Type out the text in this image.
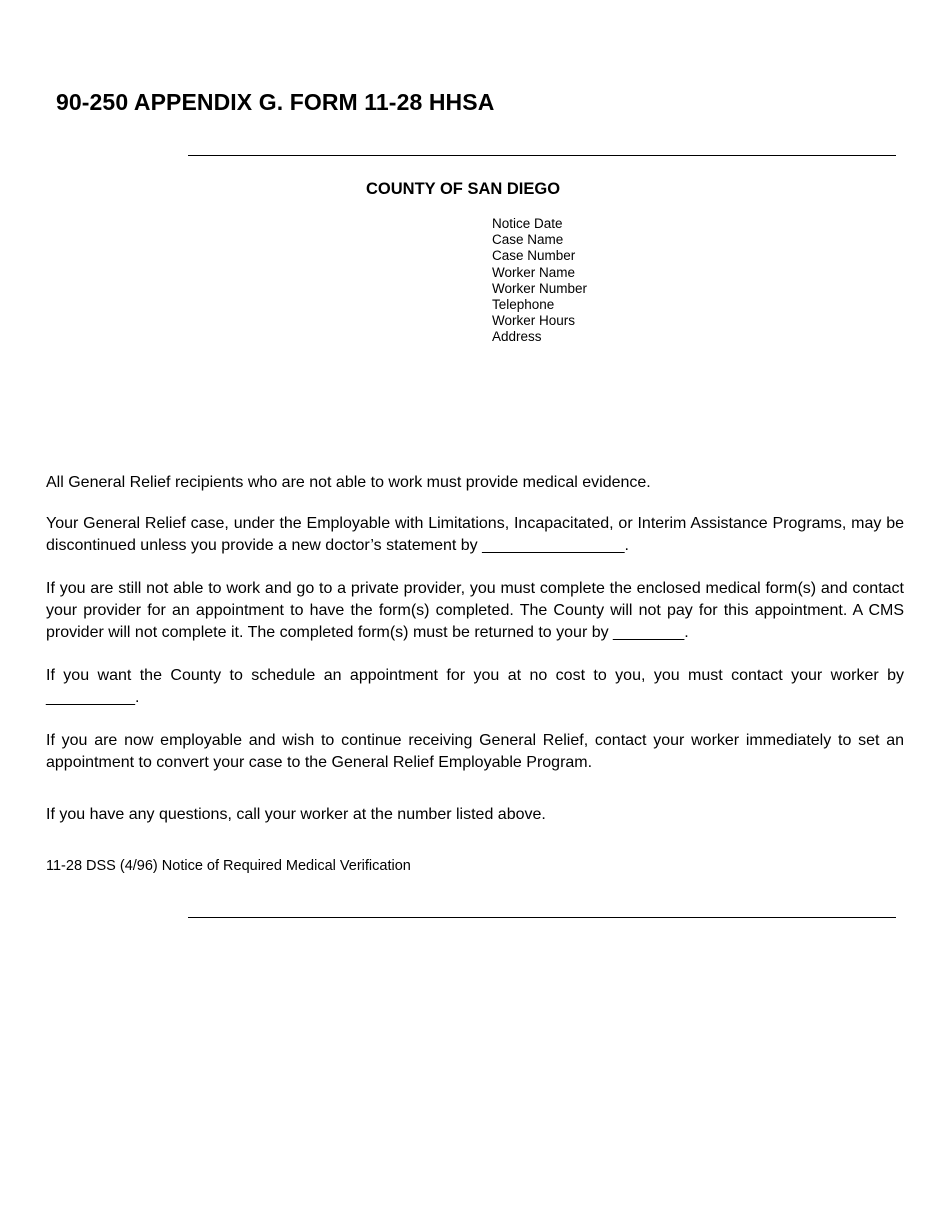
90-250 APPENDIX G. FORM 11-28 HHSA
COUNTY OF SAN DIEGO
Notice Date
Case Name
Case Number
Worker Name
Worker Number
Telephone
Worker Hours
Address

All General Relief recipients who are not able to work must provide medical evidence.

Your General Relief case, under the Employable with Limitations, Incapacitated, or Interim Assistance Programs, may be discontinued unless you provide a new doctor’s statement by ________________.

If you are still not able to work and go to a private provider, you must complete the enclosed medical form(s) and contact your provider for an appointment to have the form(s) completed. The County will not pay for this appointment. A CMS provider will not complete it. The completed form(s) must be returned to your by ________.

If you want the County to schedule an appointment for you at no cost to you, you must contact your worker by __________.

If you are now employable and wish to continue receiving General Relief, contact your worker immediately to set an appointment to convert your case to the General Relief Employable Program.

If you have any questions, call your worker at the number listed above.

11-28 DSS (4/96) Notice of Required Medical Verification
